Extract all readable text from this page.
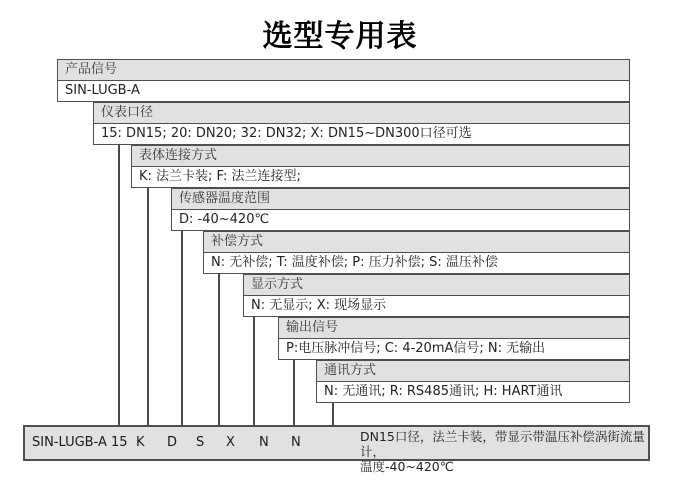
选型专用表
产品信号
SIN-LUGB-A
仪表口径
15: DN15; 20: DN20; 32: DN32; X: DN15~DN300口径可选
表体连接方式
K: 法兰卡装; F: 法兰连接型;
传感器温度范围
D: -40~420℃
补偿方式
N: 无补偿; T: 温度补偿; P: 压力补偿; S: 温压补偿
显示方式
N: 无显示; X: 现场显示
输出信号
P:电压脉冲信号; C: 4-20mA信号; N: 无输出
通讯方式
N: 无通讯; R: RS485通讯; H: HART通讯
SIN-LUGB-A 15 K D S X N N	DN15口径，法兰卡装，带显示带温压补偿涡街流量计，
温度-40~420℃
